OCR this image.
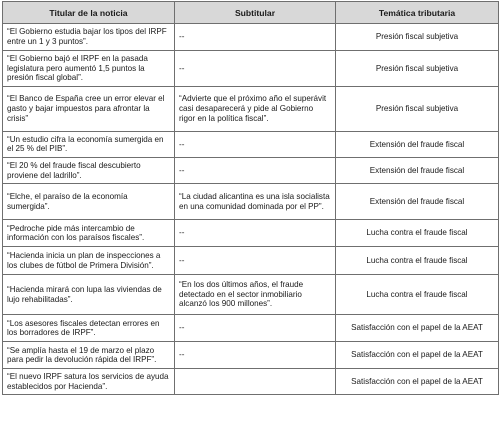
Titular de la noticia	Subtitular	Temática tributaria
“El Gobierno estudia bajar los tipos del IRPF entre un 1 y 3 puntos”.	--	Presión fiscal subjetiva
“El Gobierno bajó el IRPF en la pasada legislatura pero aumentó 1,5 puntos la presión fiscal global”.	--	Presión fiscal subjetiva
“El Banco de España cree un error elevar el gasto y bajar impuestos para afrontar la crisis”	“Advierte que el próximo año el superávit casi desaparecerá y pide al Gobierno rigor en la política fiscal”.	Presión fiscal subjetiva
“Un estudio cifra la economía sumergida en el 25 % del PIB”.	--	Extensión del fraude fiscal
“El 20 % del fraude fiscal descubierto proviene del ladrillo”.	--	Extensión del fraude fiscal
“Elche, el paraíso de la economía sumergida”.	“La ciudad alicantina es una isla socialista en una comunidad dominada por el PP”.	Extensión del fraude fiscal
“Pedroche pide más intercambio de información con los paraísos fiscales”.	--	Lucha contra el fraude fiscal
“Hacienda inicia un plan de inspecciones a los clubes de fútbol de Primera División”.	--	Lucha contra el fraude fiscal
“Hacienda mirará con lupa las viviendas de lujo rehabilitadas”.	“En los dos últimos años, el fraude detectado en el sector inmobiliario alcanzó los 900 millones”.	Lucha contra el fraude fiscal
“Los asesores fiscales detectan errores en los borradores de IRPF”.	--	Satisfacción con el papel de la AEAT
“Se amplía hasta el 19 de marzo el plazo para pedir la devolución rápida del IRPF”.	--	Satisfacción con el papel de la AEAT
“El nuevo IRPF satura los servicios de ayuda establecidos por Hacienda”.		Satisfacción con el papel de la AEAT
